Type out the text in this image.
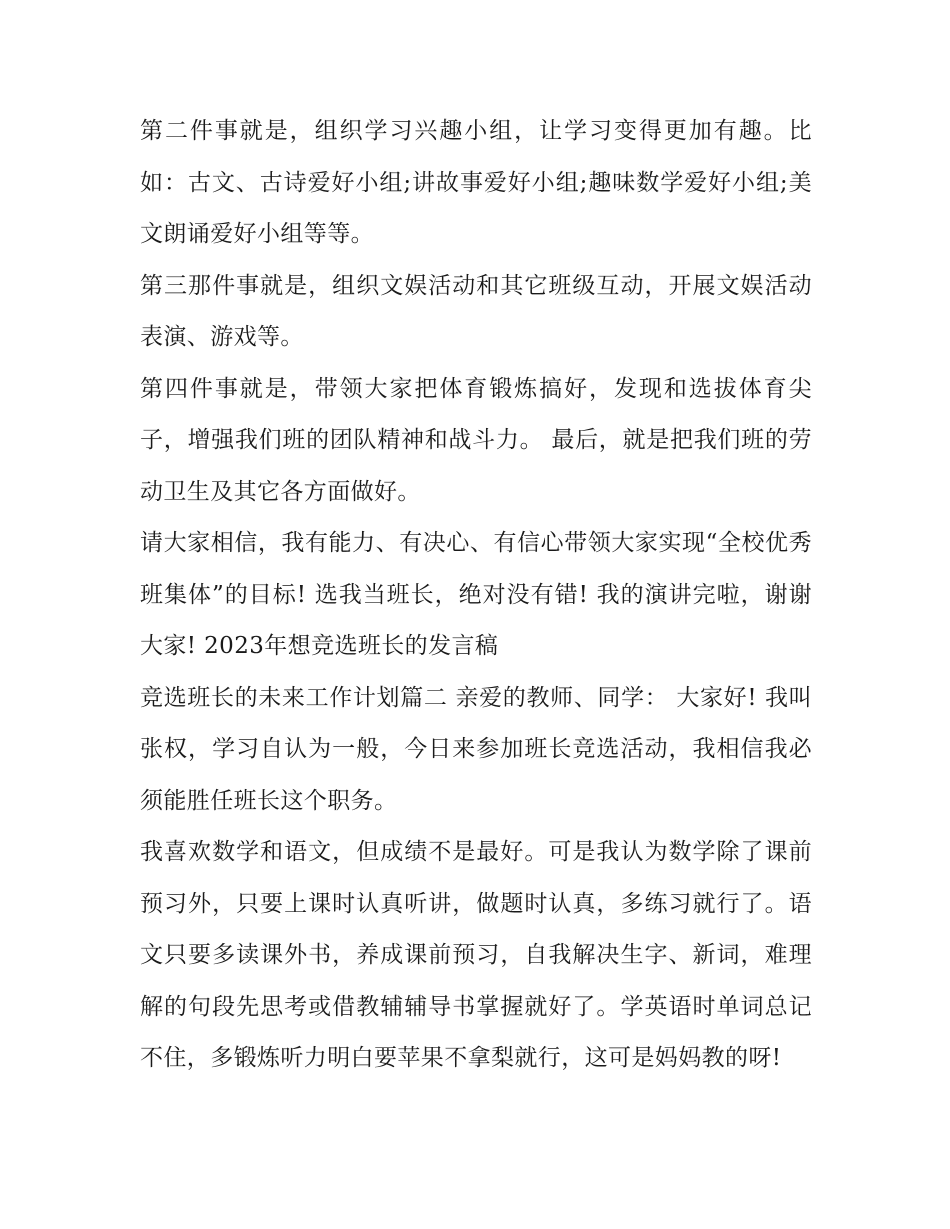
第二件事就是，组织学习兴趣小组，让学习变得更加有趣。比如：古文、古诗爱好小组;讲故事爱好小组;趣味数学爱好小组;美文朗诵爱好小组等等。

第三那件事就是，组织文娱活动和其它班级互动，开展文娱活动表演、游戏等。

第四件事就是，带领大家把体育锻炼搞好，发现和选拔体育尖子，增强我们班的团队精神和战斗力。 最后，就是把我们班的劳动卫生及其它各方面做好。

请大家相信，我有能力、有决心、有信心带领大家实现“全校优秀班集体”的目标! 选我当班长，绝对没有错! 我的演讲完啦，谢谢大家! 2023年想竞选班长的发言稿

竞选班长的未来工作计划篇二 亲爱的教师、同学： 大家好! 我叫张权，学习自认为一般，今日来参加班长竞选活动，我相信我必须能胜任班长这个职务。

我喜欢数学和语文，但成绩不是最好。可是我认为数学除了课前预习外，只要上课时认真听讲，做题时认真，多练习就行了。语文只要多读课外书，养成课前预习，自我解决生字、新词，难理解的句段先思考或借教辅辅导书掌握就好了。学英语时单词总记不住，多锻炼听力明白要苹果不拿梨就行，这可是妈妈教的呀!
